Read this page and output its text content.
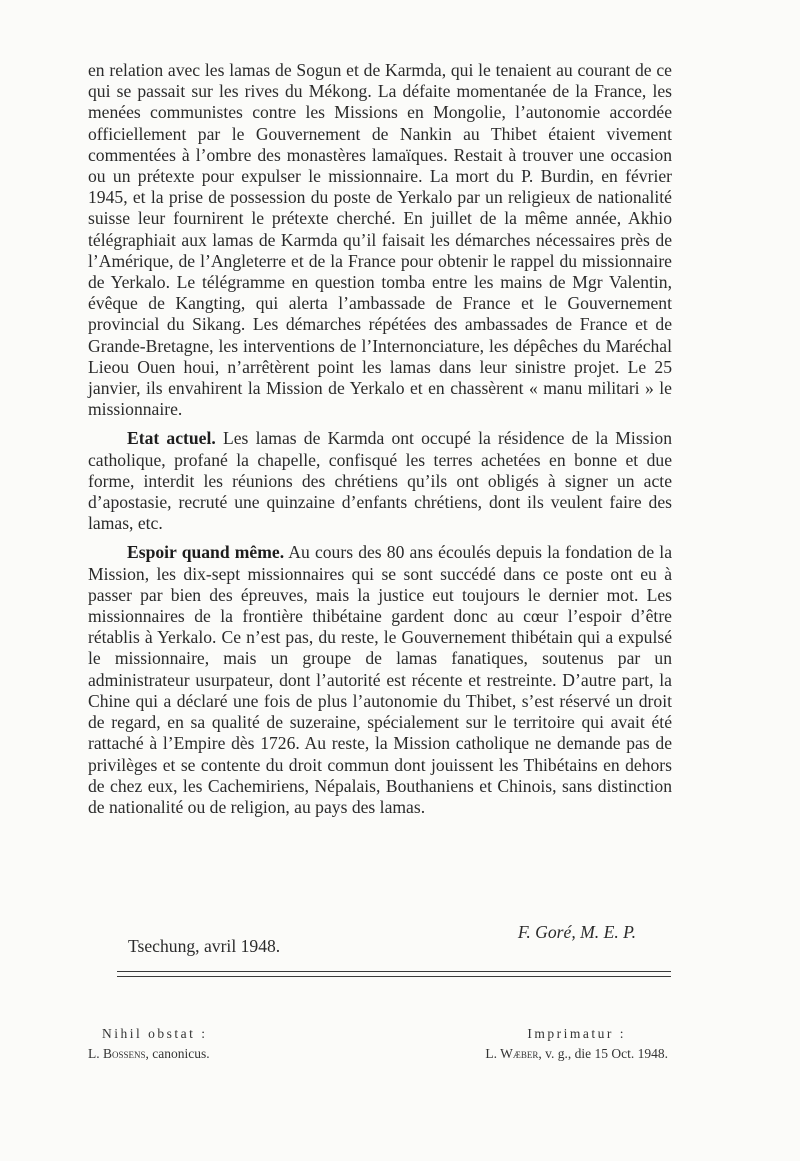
en relation avec les lamas de Sogun et de Karmda, qui le tenaient au courant de ce qui se passait sur les rives du Mékong. La défaite momentanée de la France, les menées communistes contre les Missions en Mongolie, l’autonomie accordée officiellement par le Gouvernement de Nankin au Thibet étaient vivement commentées à l’ombre des monastères lamaïques. Restait à trouver une occasion ou un prétexte pour expulser le missionnaire. La mort du P. Burdin, en février 1945, et la prise de possession du poste de Yerkalo par un religieux de nationalité suisse leur fournirent le prétexte cherché. En juillet de la même année, Akhio télégraphiait aux lamas de Karmda qu’il faisait les démarches nécessaires près de l’Amérique, de l’Angleterre et de la France pour obtenir le rappel du missionnaire de Yerkalo. Le télégramme en question tomba entre les mains de Mgr Valentin, évêque de Kangting, qui alerta l’ambassade de France et le Gouvernement provincial du Sikang. Les démarches répétées des ambassades de France et de Grande-Bretagne, les interventions de l’Internonciature, les dépêches du Maréchal Lieou Ouen houi, n’arrêtèrent point les lamas dans leur sinistre projet. Le 25 janvier, ils envahirent la Mission de Yerkalo et en chassèrent « manu militari » le missionnaire.

Etat actuel. Les lamas de Karmda ont occupé la résidence de la Mission catholique, profané la chapelle, confisqué les terres achetées en bonne et due forme, interdit les réunions des chrétiens qu’ils ont obligés à signer un acte d’apostasie, recruté une quinzaine d’enfants chrétiens, dont ils veulent faire des lamas, etc.

Espoir quand même. Au cours des 80 ans écoulés depuis la fondation de la Mission, les dix-sept missionnaires qui se sont succédé dans ce poste ont eu à passer par bien des épreuves, mais la justice eut toujours le dernier mot. Les missionnaires de la frontière thibétaine gardent donc au cœur l’espoir d’être rétablis à Yerkalo. Ce n’est pas, du reste, le Gouvernement thibétain qui a expulsé le missionnaire, mais un groupe de lamas fanatiques, soutenus par un administrateur usurpateur, dont l’autorité est récente et restreinte. D’autre part, la Chine qui a déclaré une fois de plus l’autonomie du Thibet, s’est réservé un droit de regard, en sa qualité de suzeraine, spécialement sur le territoire qui avait été rattaché à l’Empire dès 1726. Au reste, la Mission catholique ne demande pas de privilèges et se contente du droit commun dont jouissent les Thibétains en dehors de chez eux, les Cachemiriens, Népalais, Bouthaniens et Chinois, sans distinction de nationalité ou de religion, au pays des lamas.

Tsechung, avril 1948.
F. Goré, M. E. P.
Nihil obstat :
L. Bossens, canonicus.
Imprimatur :
L. Wæber, v. g., die 15 Oct. 1948.
